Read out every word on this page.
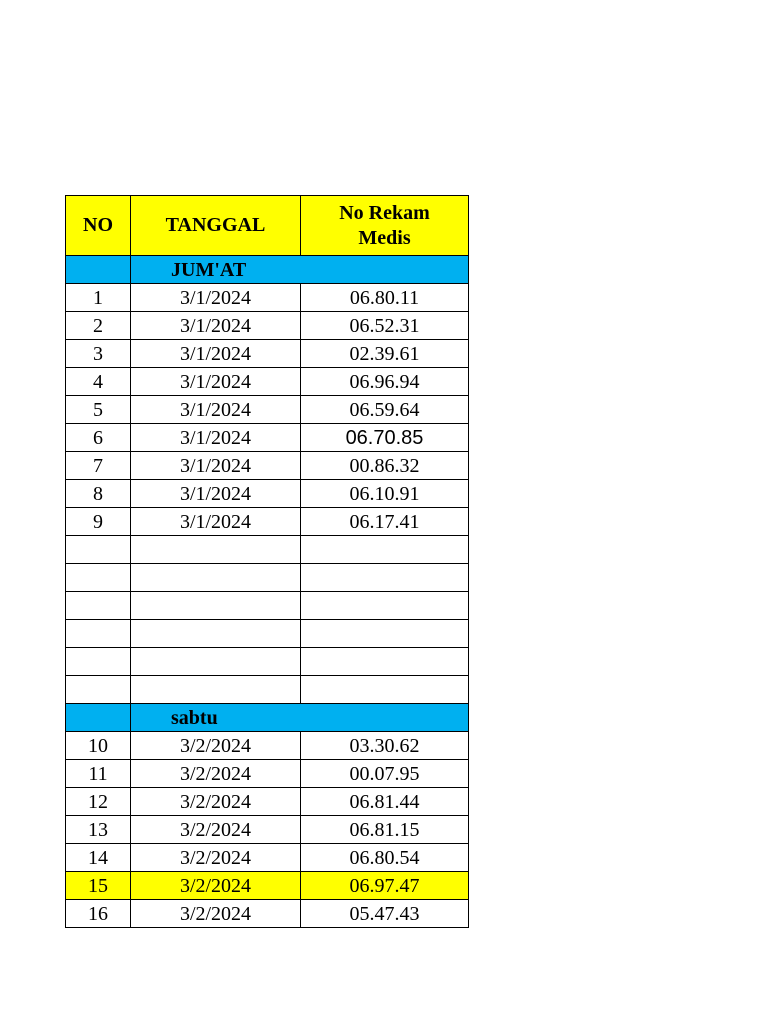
NO	TANGGAL	No Rekam
Medis
	JUM'AT	
1	3/1/2024	06.80.11
2	3/1/2024	06.52.31
3	3/1/2024	02.39.61
4	3/1/2024	06.96.94
5	3/1/2024	06.59.64
6	3/1/2024	06.70.85
7	3/1/2024	00.86.32
8	3/1/2024	06.10.91
9	3/1/2024	06.17.41

	sabtu	
10	3/2/2024	03.30.62
11	3/2/2024	00.07.95
12	3/2/2024	06.81.44
13	3/2/2024	06.81.15
14	3/2/2024	06.80.54
15	3/2/2024	06.97.47
16	3/2/2024	05.47.43
